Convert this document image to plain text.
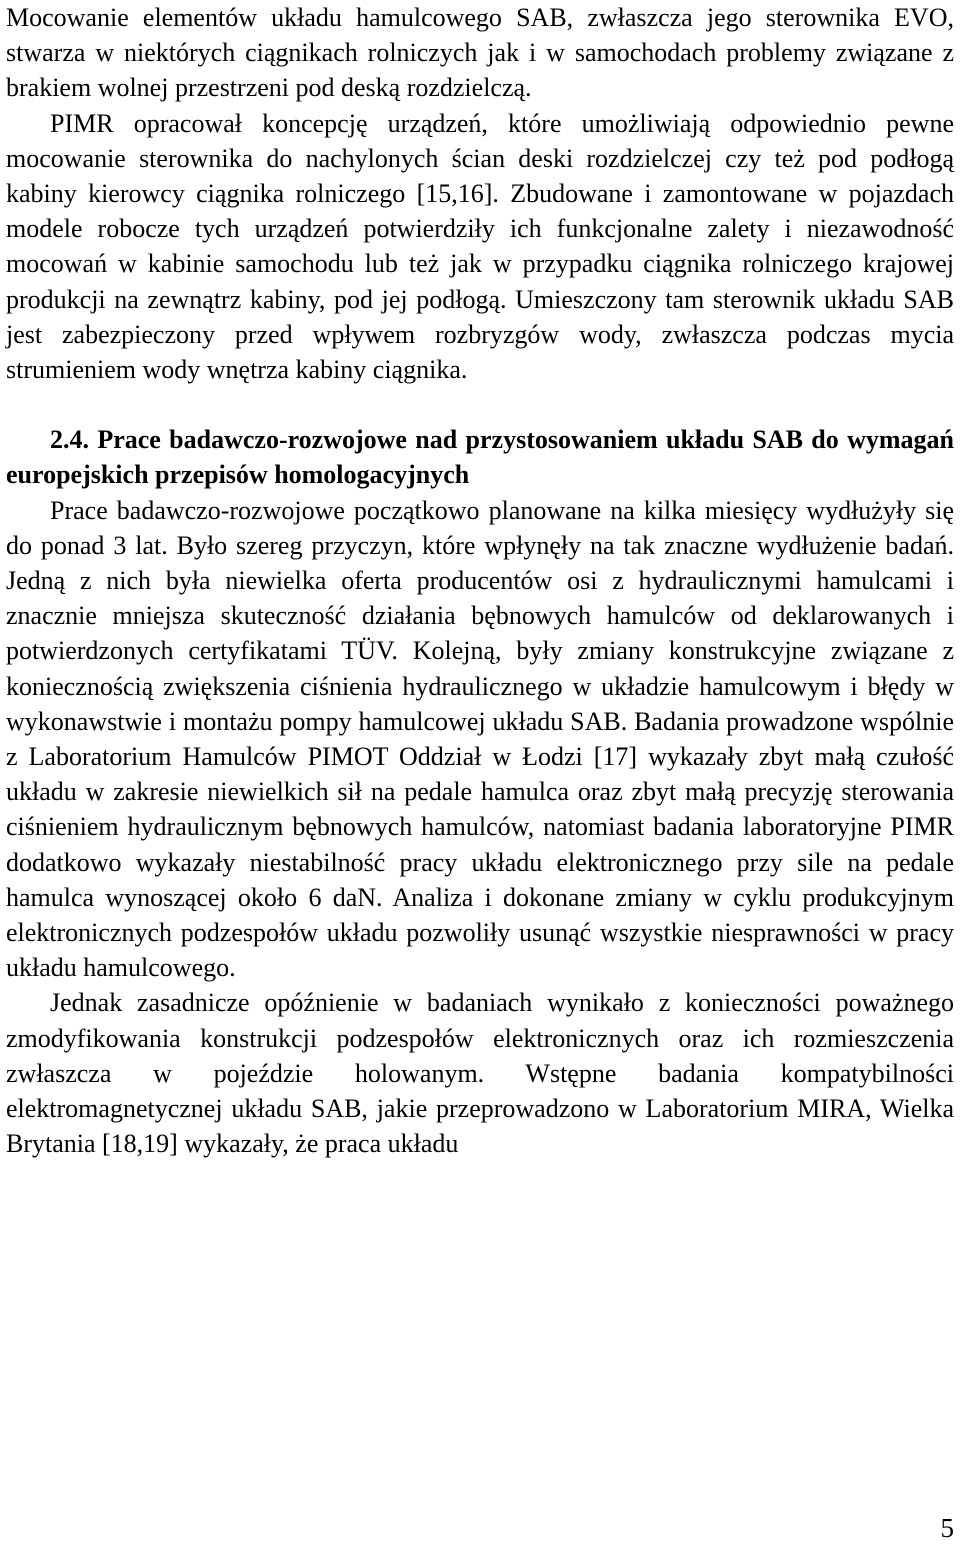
Mocowanie elementów układu hamulcowego SAB, zwłaszcza jego sterownika EVO, stwarza w niektórych ciągnikach rolniczych jak i w samochodach problemy związane z brakiem wolnej przestrzeni pod deską rozdzielczą.

PIMR opracował koncepcję urządzeń, które umożliwiają odpowiednio pewne mocowanie sterownika do nachylonych ścian deski rozdzielczej czy też pod podłogą kabiny kierowcy ciągnika rolniczego [15,16]. Zbudowane i zamontowane w pojazdach modele robocze tych urządzeń potwierdziły ich funkcjonalne zalety i niezawodność mocowań w kabinie samochodu lub też jak w przypadku ciągnika rolniczego krajowej produkcji na zewnątrz kabiny, pod jej podłogą. Umieszczony tam sterownik układu SAB jest zabezpieczony przed wpływem rozbryzgów wody, zwłaszcza podczas mycia strumieniem wody wnętrza kabiny ciągnika.

2.4. Prace badawczo-rozwojowe nad przystosowaniem układu SAB do wymagań europejskich przepisów homologacyjnych

Prace badawczo-rozwojowe początkowo planowane na kilka miesięcy wydłużyły się do ponad 3 lat. Było szereg przyczyn, które wpłynęły na tak znaczne wydłużenie badań. Jedną z nich była niewielka oferta producentów osi z hydraulicznymi hamulcami i znacznie mniejsza skuteczność działania bębnowych hamulców od deklarowanych i potwierdzonych certyfikatami TÜV. Kolejną, były zmiany konstrukcyjne związane z koniecznością zwiększenia ciśnienia hydraulicznego w układzie hamulcowym i błędy w wykonawstwie i montażu pompy hamulcowej układu SAB. Badania prowadzone wspólnie z Laboratorium Hamulców PIMOT Oddział w Łodzi [17] wykazały zbyt małą czułość układu w zakresie niewielkich sił na pedale hamulca oraz zbyt małą precyzję sterowania ciśnieniem hydraulicznym bębnowych hamulców, natomiast badania laboratoryjne PIMR dodatkowo wykazały niestabilność pracy układu elektronicznego przy sile na pedale hamulca wynoszącej około 6 daN. Analiza i dokonane zmiany w cyklu produkcyjnym elektronicznych podzespołów układu pozwoliły usunąć wszystkie niesprawności w pracy układu hamulcowego.

Jednak zasadnicze opóźnienie w badaniach wynikało z konieczności poważnego zmodyfikowania konstrukcji podzespołów elektronicznych oraz ich rozmieszczenia zwłaszcza w pojeździe holowanym. Wstępne badania kompatybilności elektromagnetycznej układu SAB, jakie przeprowadzono w Laboratorium MIRA, Wielka Brytania [18,19] wykazały, że praca układu

5
